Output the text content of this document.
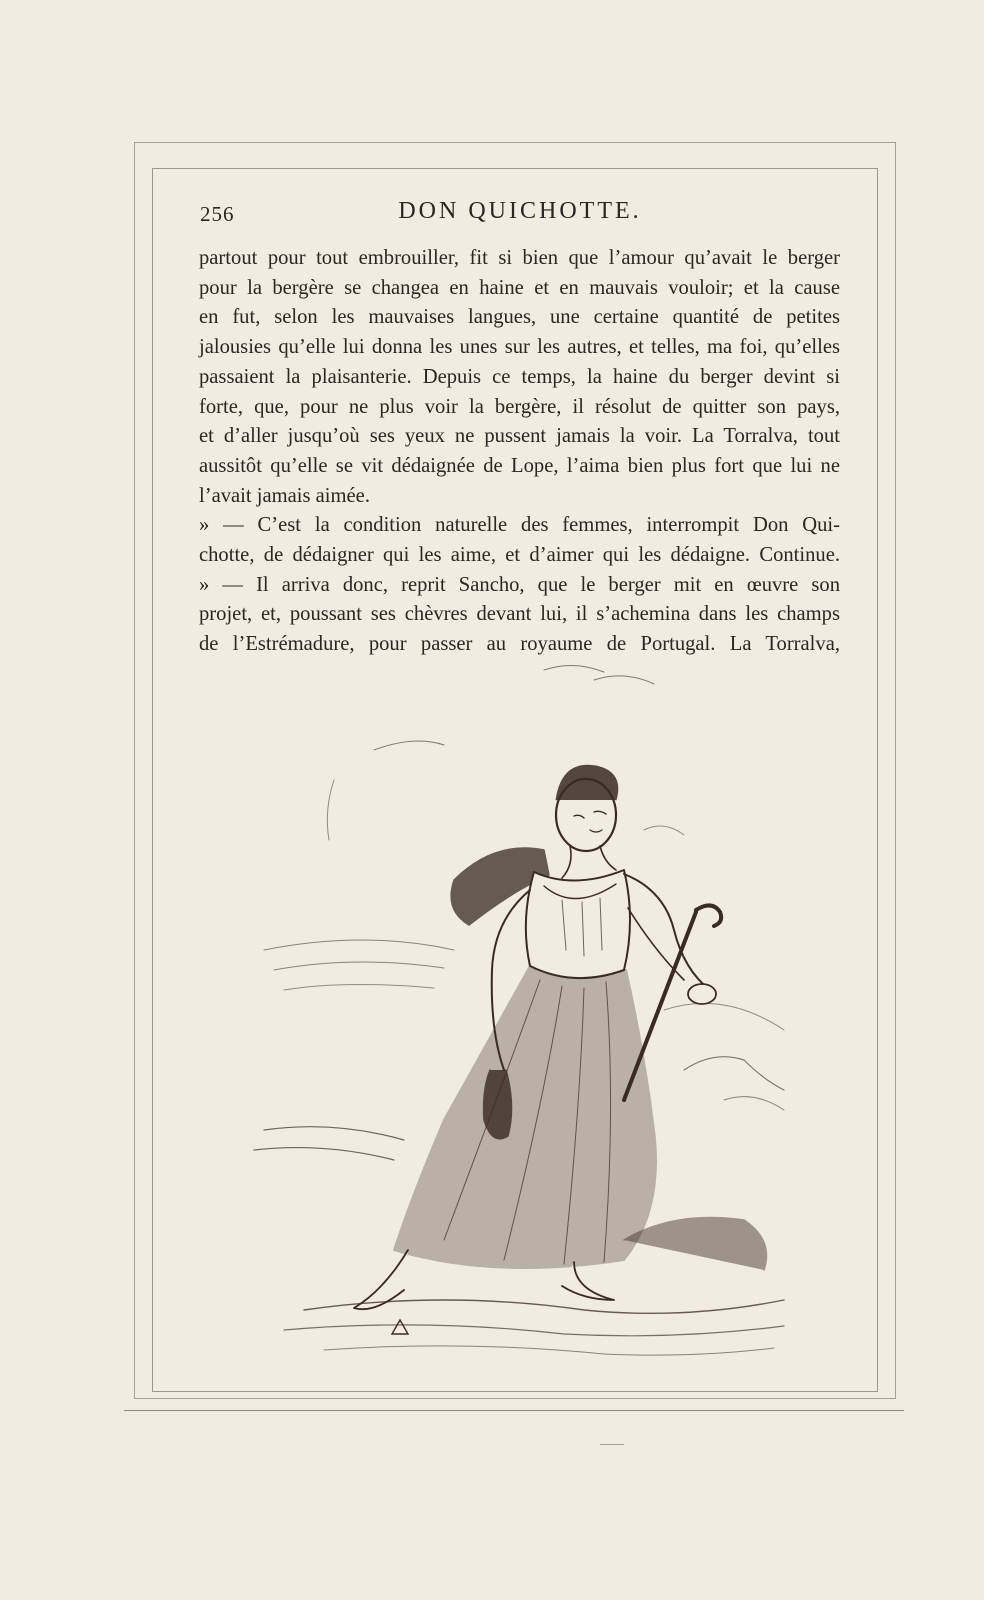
256	DON QUICHOTTE.
partout pour tout embrouiller, fit si bien que l’amour qu’avait le berger
pour la bergère se changea en haine et en mauvais vouloir; et la cause
en fut, selon les mauvaises langues, une certaine quantité de petites
jalousies qu’elle lui donna les unes sur les autres, et telles, ma foi, qu’elles
passaient la plaisanterie. Depuis ce temps, la haine du berger devint si
forte, que, pour ne plus voir la bergère, il résolut de quitter son pays,
et d’aller jusqu’où ses yeux ne pussent jamais la voir. La Torralva, tout
aussitôt qu’elle se vit dédaignée de Lope, l’aima bien plus fort que lui ne
l’avait jamais aimée.
» — C’est la condition naturelle des femmes, interrompit Don Qui-
chotte, de dédaigner qui les aime, et d’aimer qui les dédaigne. Continue.
» — Il arriva donc, reprit Sancho, que le berger mit en œuvre son
projet, et, poussant ses chèvres devant lui, il s’achemina dans les champs
de l’Estrémadure, pour passer au royaume de Portugal. La Torralva,
